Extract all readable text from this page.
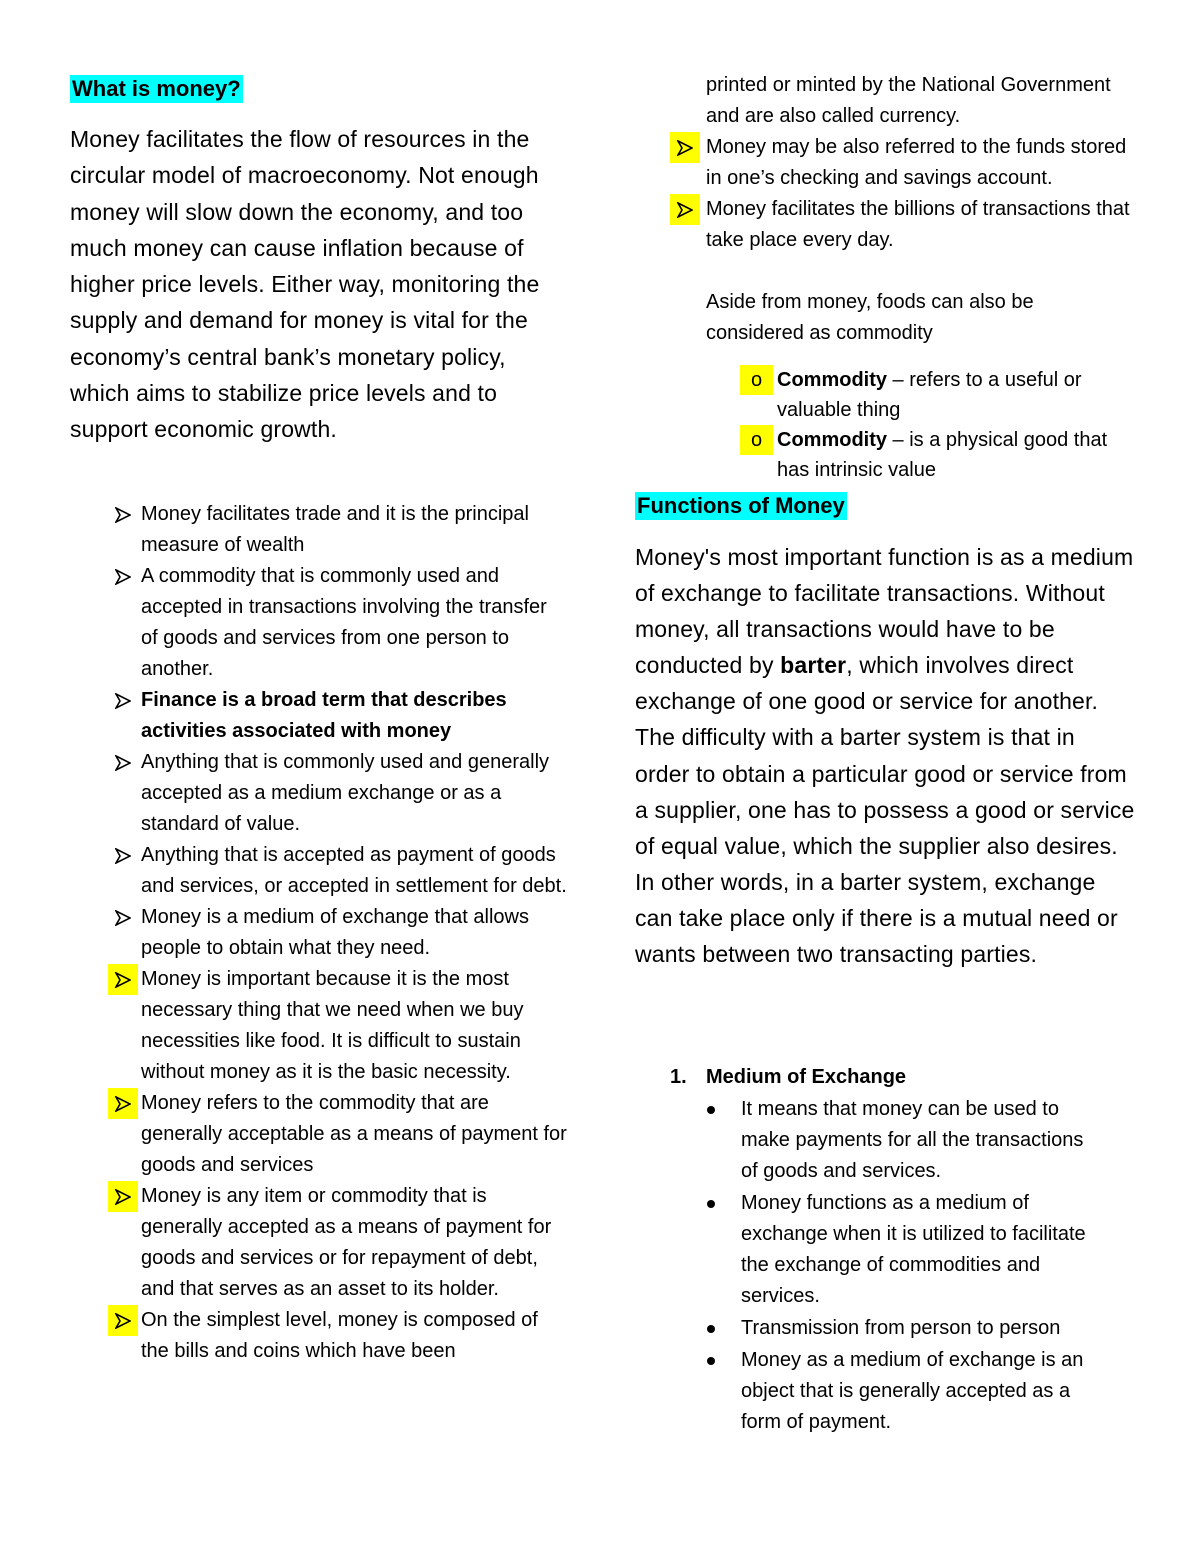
What is money?

Money facilitates the flow of resources in the circular model of macroeconomy. Not enough money will slow down the economy, and too much money can cause inflation because of higher price levels. Either way, monitoring the supply and demand for money is vital for the economy’s central bank’s monetary policy, which aims to stabilize price levels and to support economic growth.

Money facilitates trade and it is the principal measure of wealth
A commodity that is commonly used and accepted in transactions involving the transfer of goods and services from one person to another.
Finance is a broad term that describes activities associated with money
Anything that is commonly used and generally accepted as a medium exchange or as a standard of value.
Anything that is accepted as payment of goods and services, or accepted in settlement for debt.
Money is a medium of exchange that allows people to obtain what they need.
Money is important because it is the most necessary thing that we need when we buy necessities like food. It is difficult to sustain without money as it is the basic necessity.
Money refers to the commodity that are generally acceptable as a means of payment for goods and services
Money is any item or commodity that is generally accepted as a means of payment for goods and services or for repayment of debt, and that serves as an asset to its holder.
On the simplest level, money is composed of the bills and coins which have been
printed or minted by the National Government and are also called currency.
Money may be also referred to the funds stored in one’s checking and savings account.
Money facilitates the billions of transactions that take place every day.
Aside from money, foods can also be considered as commodity
o Commodity – refers to a useful or valuable thing
o Commodity – is a physical good that has intrinsic value
Functions of Money

Money's most important function is as a medium of exchange to facilitate transactions. Without money, all transactions would have to be conducted by barter, which involves direct exchange of one good or service for another. The difficulty with a barter system is that in order to obtain a particular good or service from a supplier, one has to possess a good or service of equal value, which the supplier also desires. In other words, in a barter system, exchange can take place only if there is a mutual need or wants between two transacting parties.

1. Medium of Exchange
It means that money can be used to make payments for all the transactions of goods and services.
Money functions as a medium of exchange when it is utilized to facilitate the exchange of commodities and services.
Transmission from person to person
Money as a medium of exchange is an object that is generally accepted as a form of payment.
